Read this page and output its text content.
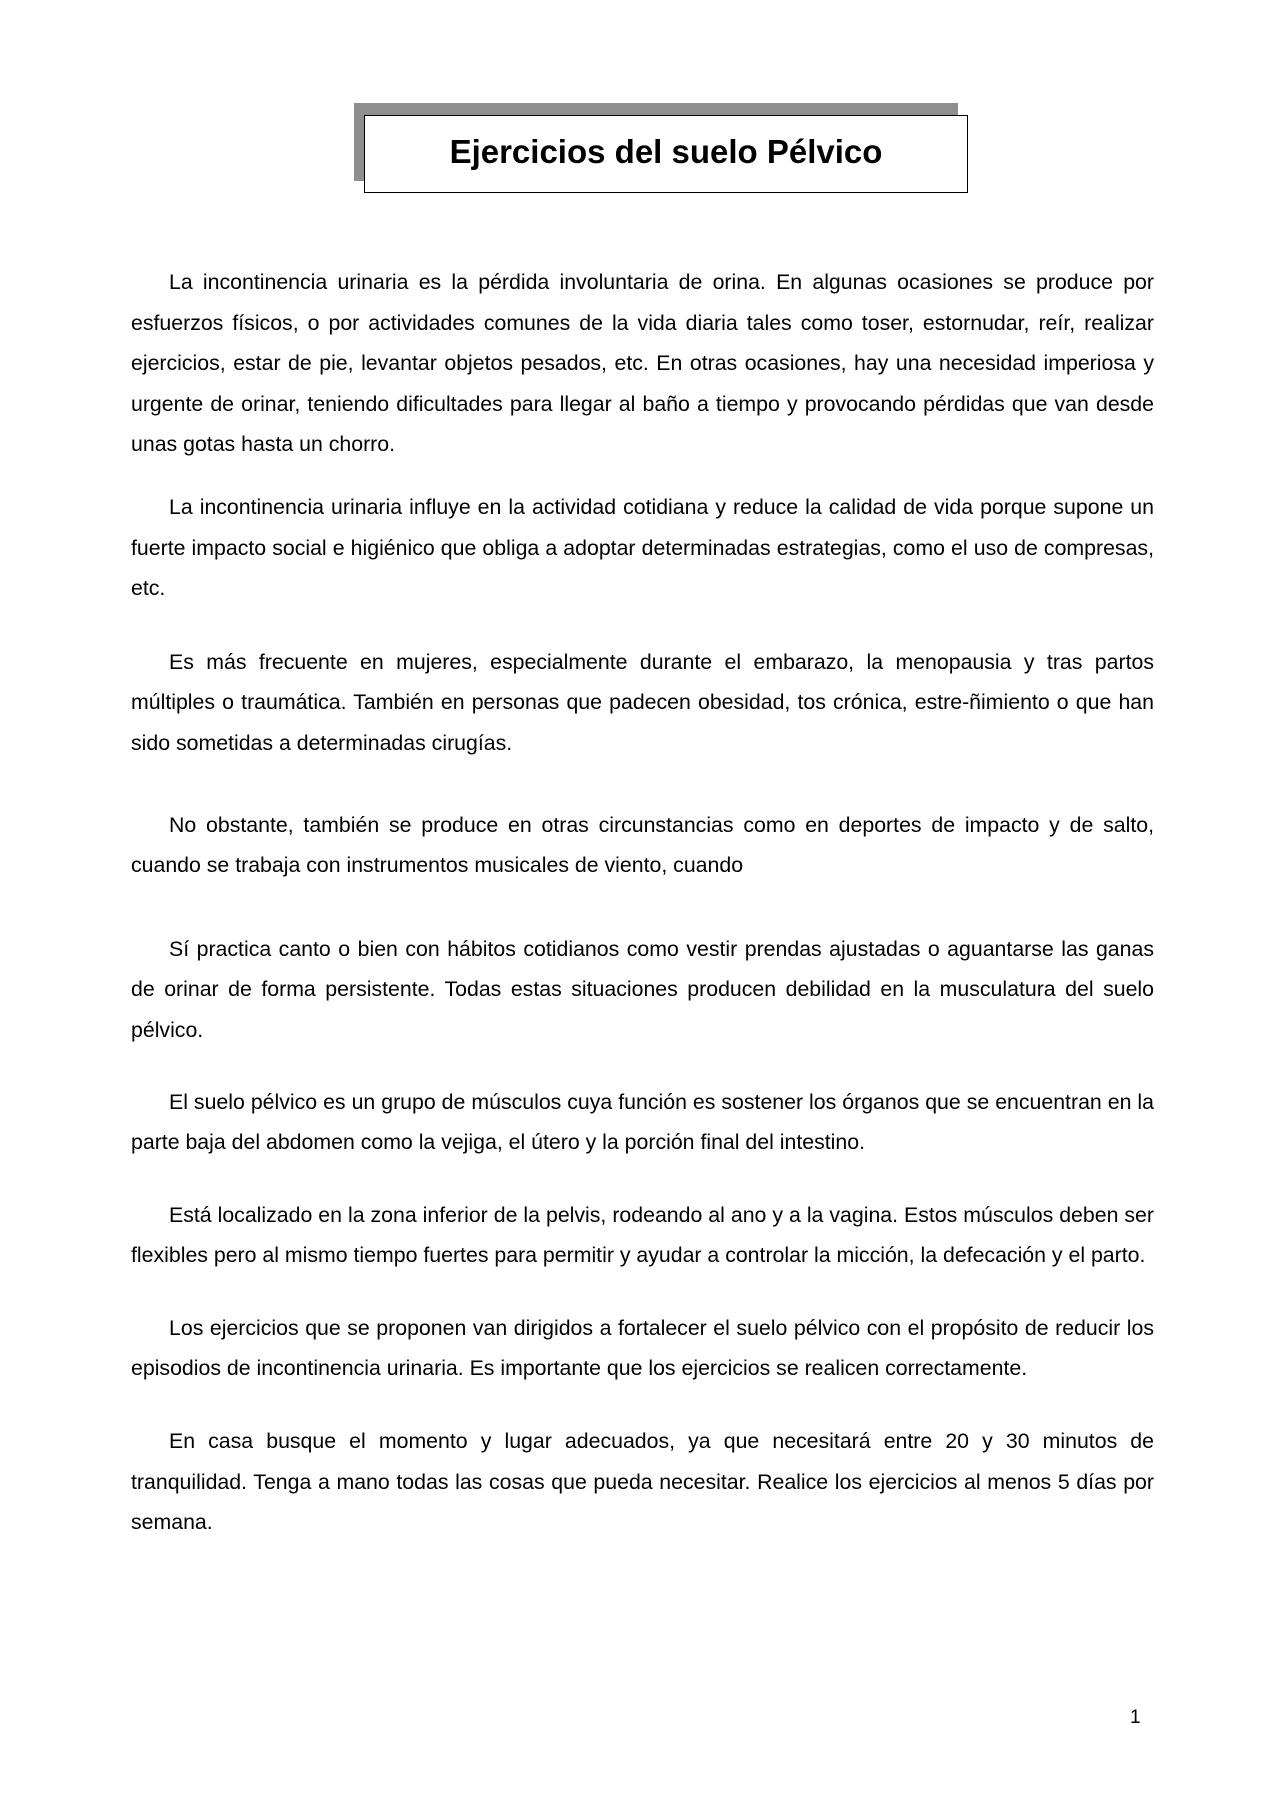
Ejercicios del suelo Pélvico

La incontinencia urinaria es la pérdida involuntaria de orina. En algunas ocasiones se produce por esfuerzos físicos, o por actividades comunes de la vida diaria tales como toser, estornudar, reír, realizar ejercicios, estar de pie, levantar objetos pesados, etc. En otras ocasiones, hay una necesidad imperiosa y urgente de orinar, teniendo dificultades para llegar al baño a tiempo y provocando pérdidas que van desde unas gotas hasta un chorro.

La incontinencia urinaria influye en la actividad cotidiana y reduce la calidad de vida porque supone un fuerte impacto social e higiénico que obliga a adoptar determinadas estrategias, como el uso de compresas, etc.

Es más frecuente en mujeres, especialmente durante el embarazo, la menopausia y tras partos múltiples o traumática. También en personas que padecen obesidad, tos crónica, estre-ñimiento o que han sido sometidas a determinadas cirugías.

No obstante, también se produce en otras circunstancias como en deportes de impacto y de salto, cuando se trabaja con instrumentos musicales de viento, cuando

Sí practica canto o bien con hábitos cotidianos como vestir prendas ajustadas o aguantarse las ganas de orinar de forma persistente. Todas estas situaciones producen debilidad en la musculatura del suelo pélvico.

El suelo pélvico es un grupo de músculos cuya función es sostener los órganos que se encuentran en la parte baja del abdomen como la vejiga, el útero y la porción final del intestino.

Está localizado en la zona inferior de la pelvis, rodeando al ano y a la vagina. Estos músculos deben ser flexibles pero al mismo tiempo fuertes para permitir y ayudar a controlar la micción, la defecación y el parto.

Los ejercicios que se proponen van dirigidos a fortalecer el suelo pélvico con el propósito de reducir los episodios de incontinencia urinaria. Es importante que los ejercicios se realicen correctamente.

En casa busque el momento y lugar adecuados, ya que necesitará entre 20 y 30 minutos de tranquilidad. Tenga a mano todas las cosas que pueda necesitar. Realice los ejercicios al menos 5 días por semana.

1
